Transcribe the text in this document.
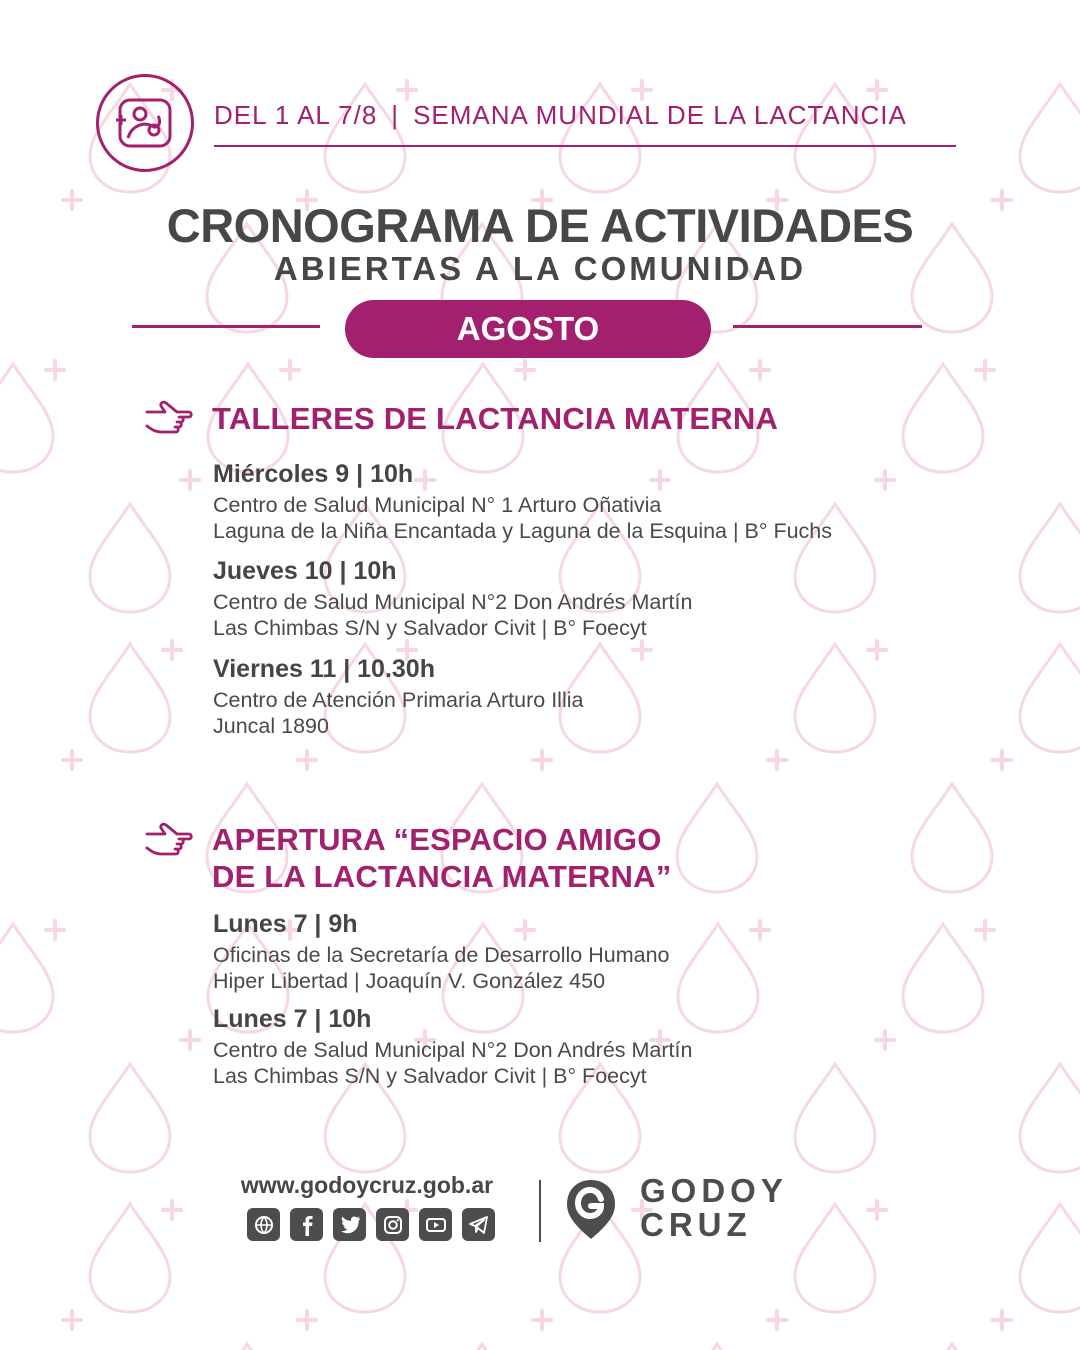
DEL 1 AL 7/8 | SEMANA MUNDIAL DE LA LACTANCIA
CRONOGRAMA DE ACTIVIDADES
ABIERTAS A LA COMUNIDAD
AGOSTO
TALLERES DE LACTANCIA MATERNA
Miércoles 9 | 10h
Centro de Salud Municipal N° 1 Arturo Oñativia
Laguna de la Niña Encantada y Laguna de la Esquina | B° Fuchs
Jueves 10 | 10h
Centro de Salud Municipal N°2 Don Andrés Martín
Las Chimbas S/N y Salvador Civit | B° Foecyt
Viernes 11 | 10.30h
Centro de Atención Primaria Arturo Illia
Juncal 1890
APERTURA “ESPACIO AMIGO
DE LA LACTANCIA MATERNA”
Lunes 7 | 9h
Oficinas de la Secretaría de Desarrollo Humano
Hiper Libertad | Joaquín V. González 450
Lunes 7 | 10h
Centro de Salud Municipal N°2 Don Andrés Martín
Las Chimbas S/N y Salvador Civit | B° Foecyt
www.godoycruz.gob.ar	GODOY
CRUZ
